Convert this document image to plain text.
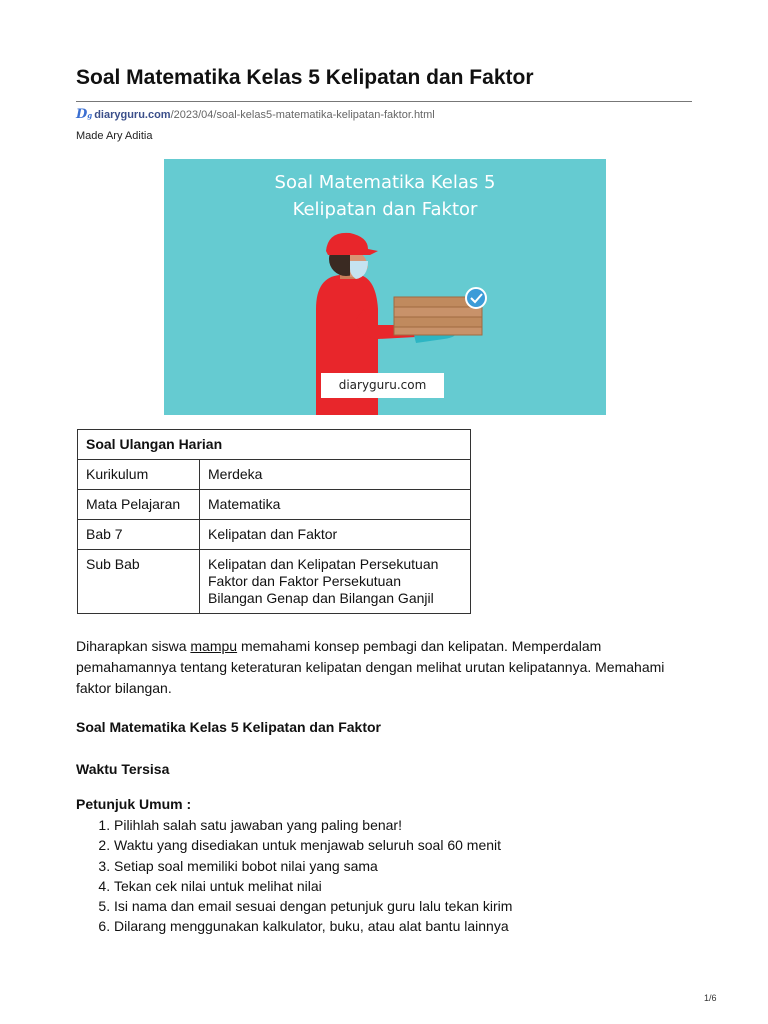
Soal Matematika Kelas 5 Kelipatan dan Faktor
Dg diaryguru.com /2023/04/soal-kelas5-matematika-kelipatan-faktor.html
Made Ary Aditia
Soal Matematika Kelas 5
Kelipatan dan Faktor
diaryguru.com
Soal Ulangan Harian	
Kurikulum	Merdeka
Mata Pelajaran	Matematika
Bab 7	Kelipatan dan Faktor
Sub Bab	Kelipatan dan Kelipatan Persekutuan
Faktor dan Faktor Persekutuan
Bilangan Genap dan Bilangan Ganjil

Diharapkan siswa mampu memahami konsep pembagi dan kelipatan. Memperdalam pemahamannya tentang keteraturan kelipatan dengan melihat urutan kelipatannya. Memahami faktor bilangan.

Soal Matematika Kelas 5 Kelipatan dan Faktor

Waktu Tersisa

Petunjuk Umum :

1. Pilihlah salah satu jawaban yang paling benar!
2. Waktu yang disediakan untuk menjawab seluruh soal 60 menit
3. Setiap soal memiliki bobot nilai yang sama
4. Tekan cek nilai untuk melihat nilai
5. Isi nama dan email sesuai dengan petunjuk guru lalu tekan kirim
6. Dilarang menggunakan kalkulator, buku, atau alat bantu lainnya
1/6
